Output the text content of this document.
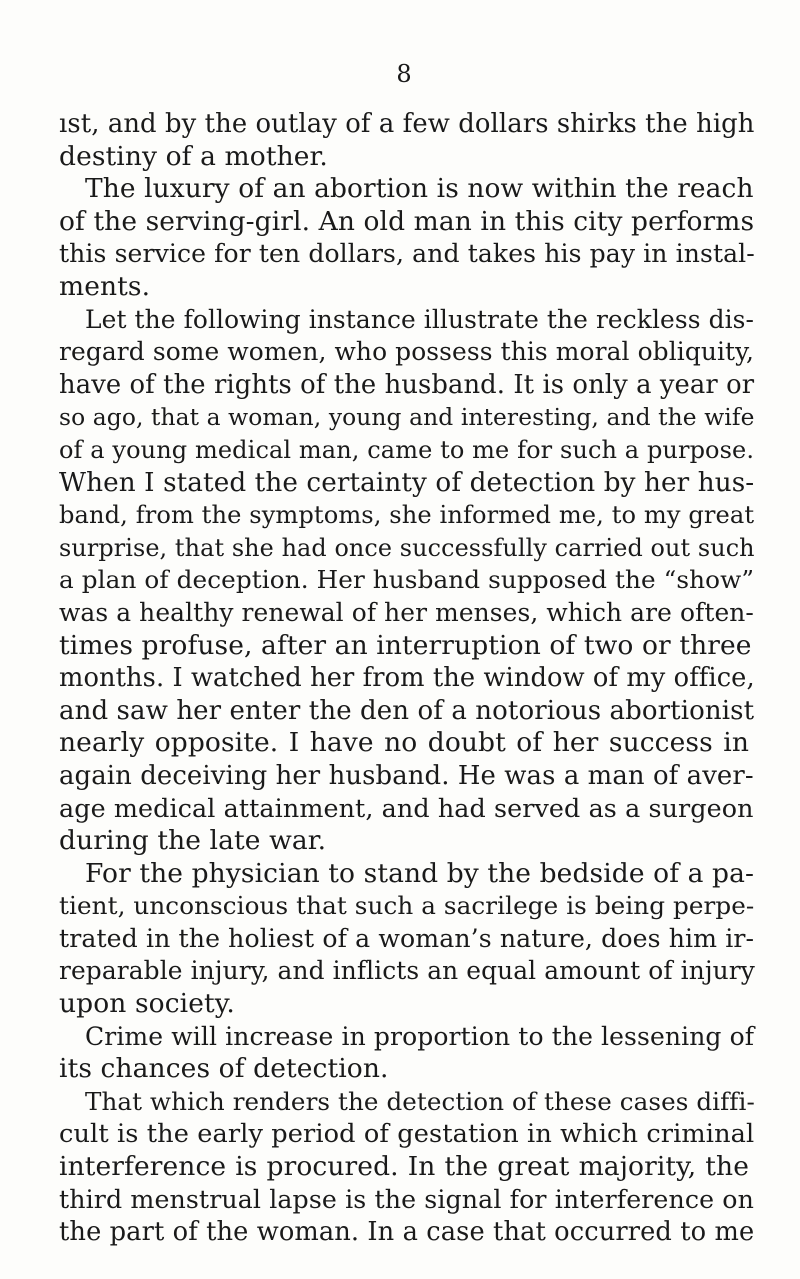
8
ıst, and by the outlay of a few dollars shirks the high
destiny of a mother.
The luxury of an abortion is now within the reach
of the serving-girl. An old man in this city performs
this service for ten dollars, and takes his pay in instal-
ments.
Let the following instance illustrate the reckless dis-
regard some women, who possess this moral obliquity,
have of the rights of the husband. It is only a year or
so ago, that a woman, young and interesting, and the wife
of a young medical man, came to me for such a purpose.
When I stated the certainty of detection by her hus-
band, from the symptoms, she informed me, to my great
surprise, that she had once successfully carried out such
a plan of deception. Her husband supposed the “show”
was a healthy renewal of her menses, which are often-
times profuse, after an interruption of two or three
months. I watched her from the window of my office,
and saw her enter the den of a notorious abortionist
nearly opposite. I have no doubt of her success in
again deceiving her husband. He was a man of aver-
age medical attainment, and had served as a surgeon
during the late war.
For the physician to stand by the bedside of a pa-
tient, unconscious that such a sacrilege is being perpe-
trated in the holiest of a woman’s nature, does him ir-
reparable injury, and inflicts an equal amount of injury
upon society.
Crime will increase in proportion to the lessening of
its chances of detection.
That which renders the detection of these cases diffi-
cult is the early period of gestation in which criminal
interference is procured. In the great majority, the
third menstrual lapse is the signal for interference on
the part of the woman. In a case that occurred to me
